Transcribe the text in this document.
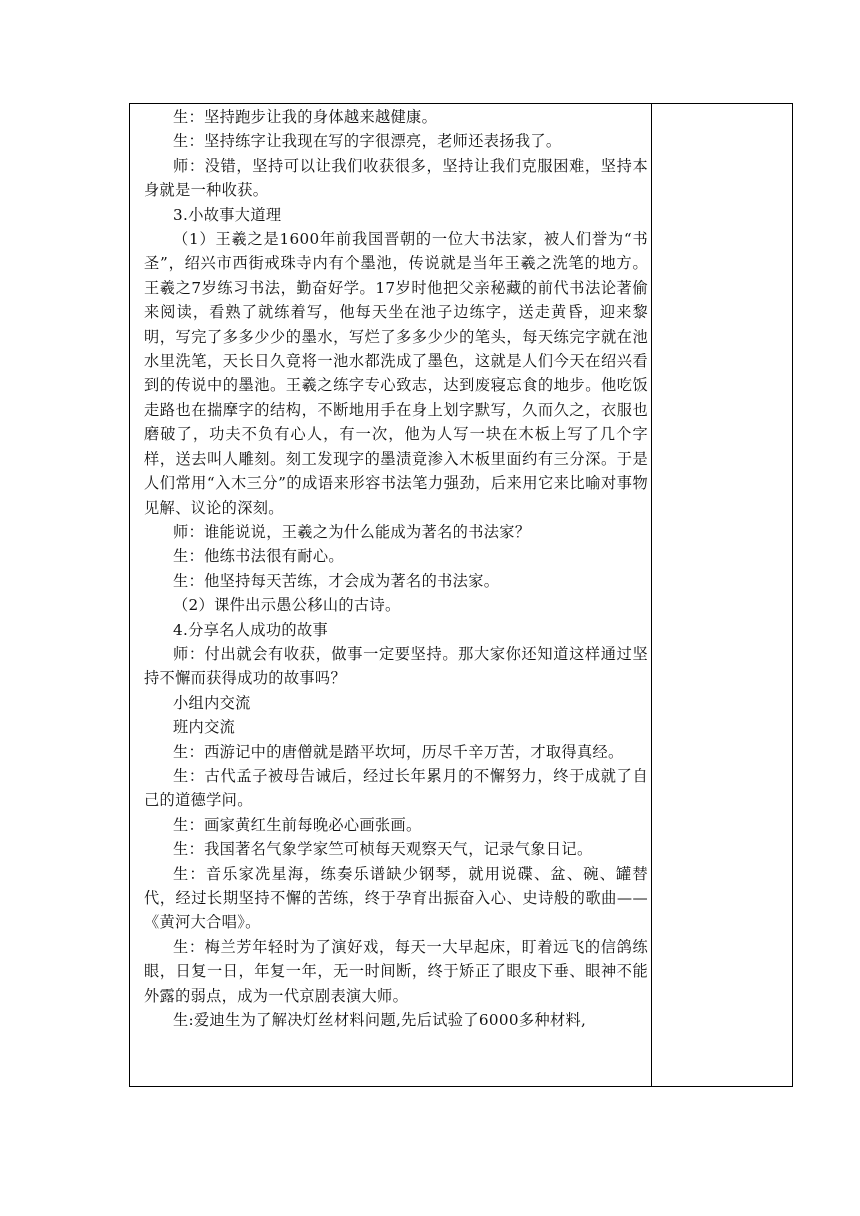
生：坚持跑步让我的身体越来越健康。

生：坚持练字让我现在写的字很漂亮，老师还表扬我了。

师：没错，坚持可以让我们收获很多，坚持让我们克服困难，坚持本身就是一种收获。

3.小故事大道理

（1）王羲之是1600年前我国晋朝的一位大书法家，被人们誉为“书圣”，绍兴市西街戒珠寺内有个墨池，传说就是当年王羲之洗笔的地方。王羲之7岁练习书法，勤奋好学。17岁时他把父亲秘藏的前代书法论著偷来阅读，看熟了就练着写，他每天坐在池子边练字，送走黄昏，迎来黎明，写完了多多少少的墨水，写烂了多多少少的笔头，每天练完字就在池水里洗笔，天长日久竟将一池水都洗成了墨色，这就是人们今天在绍兴看到的传说中的墨池。王羲之练字专心致志，达到废寝忘食的地步。他吃饭走路也在揣摩字的结构，不断地用手在身上划字默写，久而久之，衣服也磨破了，功夫不负有心人，有一次，他为人写一块在木板上写了几个字样，送去叫人雕刻。刻工发现字的墨渍竟渗入木板里面约有三分深。于是人们常用“入木三分”的成语来形容书法笔力强劲，后来用它来比喻对事物见解、议论的深刻。

师：谁能说说，王羲之为什么能成为著名的书法家？

生：他练书法很有耐心。

生：他坚持每天苦练，才会成为著名的书法家。

（2）课件出示愚公移山的古诗。

4.分享名人成功的故事

师：付出就会有收获，做事一定要坚持。那大家你还知道这样通过坚持不懈而获得成功的故事吗？

小组内交流

班内交流

生：西游记中的唐僧就是踏平坎坷，历尽千辛万苦，才取得真经。

生：古代孟子被母告诫后，经过长年累月的不懈努力，终于成就了自己的道德学问。

生：画家黄红生前每晚必心画张画。

生：我国著名气象学家竺可桢每天观察天气，记录气象日记。

生：音乐家冼星海，练奏乐谱缺少钢琴，就用说碟、盆、碗、罐替代，经过长期坚持不懈的苦练，终于孕育出振奋入心、史诗般的歌曲——《黄河大合唱》。

生：梅兰芳年轻时为了演好戏，每天一大早起床，盯着远飞的信鸽练眼，日复一日，年复一年，无一时间断，终于矫正了眼皮下垂、眼神不能外露的弱点，成为一代京剧表演大师。

生:爱迪生为了解决灯丝材料问题,先后试验了6000多种材料,
